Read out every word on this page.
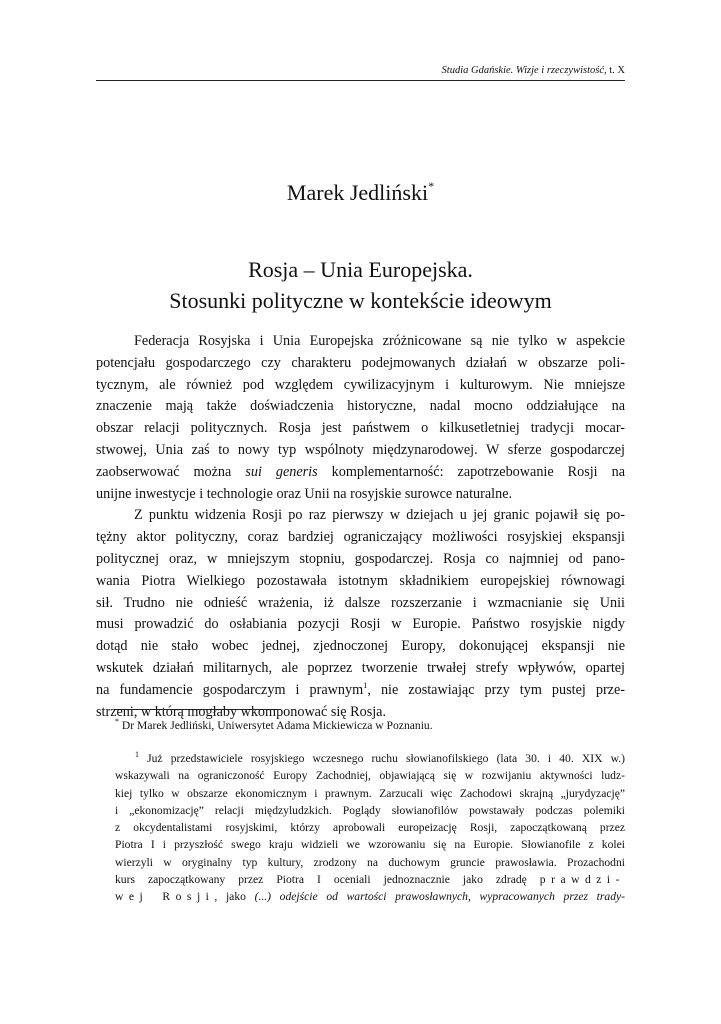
Studia Gdańskie. Wizje i rzeczywistość, t. X
Marek Jedliński*
Rosja – Unia Europejska.
Stosunki polityczne w kontekście ideowym

Federacja Rosyjska i Unia Europejska zróżnicowane są nie tylko w aspekcie
potencjału gospodarczego czy charakteru podejmowanych działań w obszarze poli-
tycznym, ale również pod względem cywilizacyjnym i kulturowym. Nie mniejsze
znaczenie mają także doświadczenia historyczne, nadal mocno oddziałujące na
obszar relacji politycznych. Rosja jest państwem o kilkusetletniej tradycji mocar-
stwowej, Unia zaś to nowy typ wspólnoty międzynarodowej. W sferze gospodarczej
zaobserwować można sui generis komplementarność: zapotrzebowanie Rosji na
unijne inwestycje i technologie oraz Unii na rosyjskie surowce naturalne.

Z punktu widzenia Rosji po raz pierwszy w dziejach u jej granic pojawił się po-
tężny aktor polityczny, coraz bardziej ograniczający możliwości rosyjskiej ekspansji
politycznej oraz, w mniejszym stopniu, gospodarczej. Rosja co najmniej od pano-
wania Piotra Wielkiego pozostawała istotnym składnikiem europejskiej równowagi
sił. Trudno nie odnieść wrażenia, iż dalsze rozszerzanie i wzmacnianie się Unii
musi prowadzić do osłabiania pozycji Rosji w Europie. Państwo rosyjskie nigdy
dotąd nie stało wobec jednej, zjednoczonej Europy, dokonującej ekspansji nie
wskutek działań militarnych, ale poprzez tworzenie trwałej strefy wpływów, opartej
na fundamencie gospodarczym i prawnym$^1$, nie zostawiając przy tym pustej prze-
strzeni, w którą mogłaby wkomponować się Rosja.

* Dr Marek Jedliński, Uniwersytet Adama Mickiewicza w Poznaniu.
$^1$ Już przedstawiciele rosyjskiego wczesnego ruchu słowianofilskiego (lata 30. i 40. XIX w.)
wskazywali na ograniczoność Europy Zachodniej, objawiającą się w rozwijaniu aktywności ludz-
kiej tylko w obszarze ekonomicznym i prawnym. Zarzucali więc Zachodowi skrajną „jurydyzację”
i „ekonomizację” relacji międzyludzkich. Poglądy słowianofilów powstawały podczas polemiki
z okcydentalistami rosyjskimi, którzy aprobowali europeizację Rosji, zapoczątkowaną przez
Piotra I i przyszłość swego kraju widzieli we wzorowaniu się na Europie. Słowianofile z kolei
wierzyli w oryginalny typ kultury, zrodzony na duchowym gruncie prawosławia. Prozachodni
kurs zapoczątkowany przez Piotra I oceniali jednoznacznie jako zdradę prawdzi-
wej Rosji, jako (...) odejście od wartości prawosławnych, wypracowanych przez trady-
